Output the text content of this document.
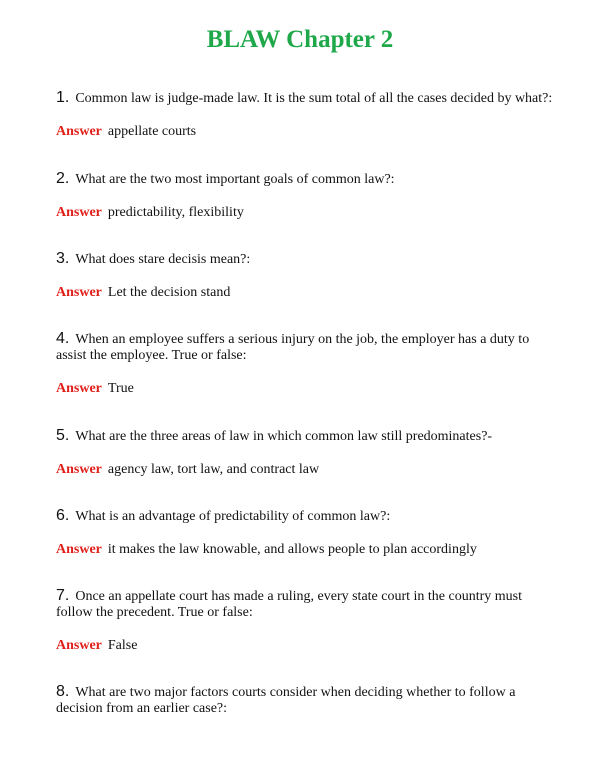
BLAW Chapter 2
1. Common law is judge-made law. It is the sum total of all the cases decided by what?:
Answer appellate courts
2. What are the two most important goals of common law?:
Answer predictability, flexibility
3. What does stare decisis mean?:
Answer Let the decision stand
4. When an employee suffers a serious injury on the job, the employer has a duty to assist the employee. True or false:
Answer True
5. What are the three areas of law in which common law still predominates?-
Answer agency law, tort law, and contract law
6. What is an advantage of predictability of common law?:
Answer it makes the law knowable, and allows people to plan accordingly
7. Once an appellate court has made a ruling, every state court in the country must follow the precedent. True or false:
Answer False
8. What are two major factors courts consider when deciding whether to follow a decision from an earlier case?:
